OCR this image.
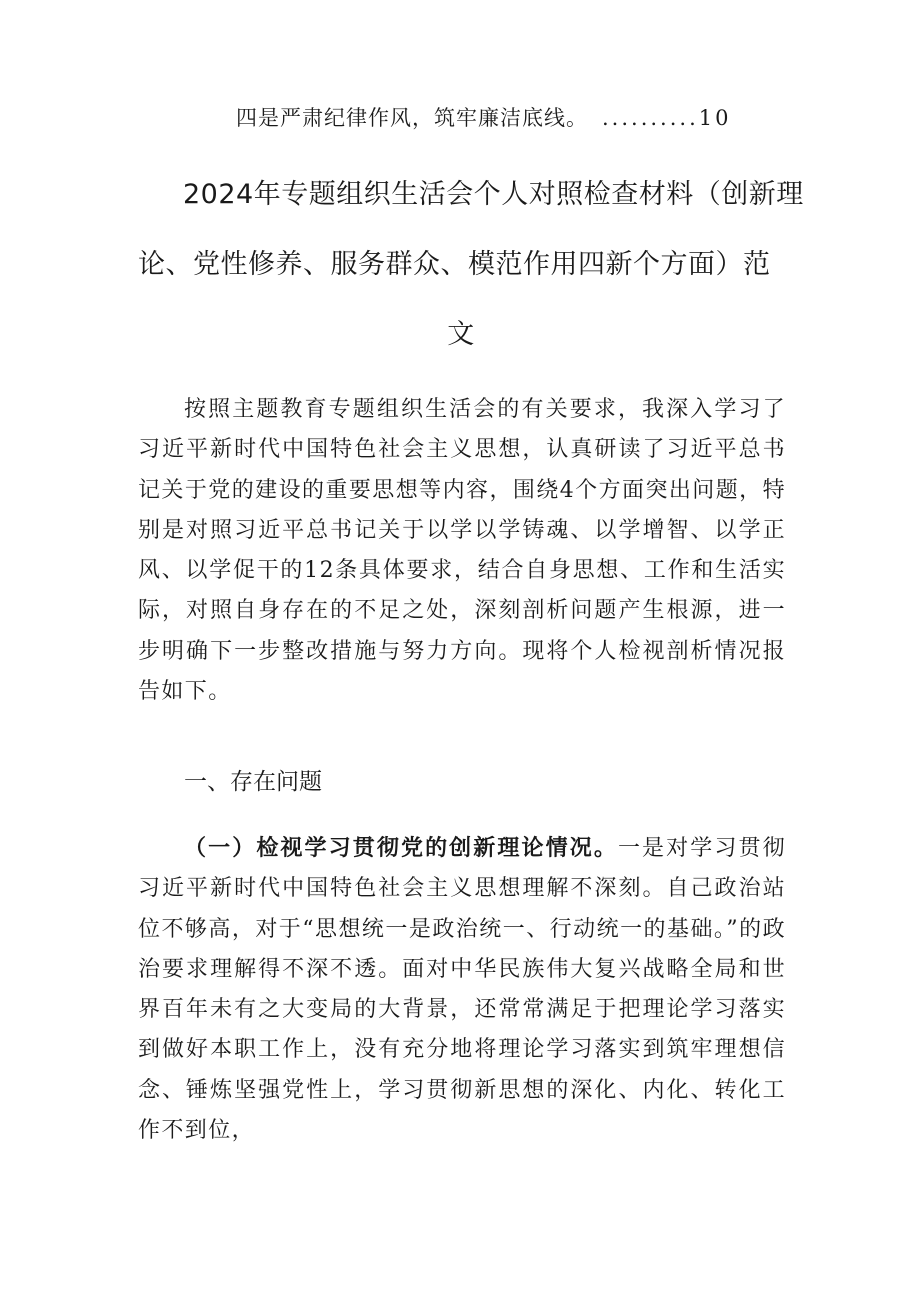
四是严肃纪律作风，筑牢廉洁底线。 ..........10
2024年专题组织生活会个人对照检查材料（创新理
论、党性修养、服务群众、模范作用四新个方面）范
文

按照主题教育专题组织生活会的有关要求，我深入学习了习近平新时代中国特色社会主义思想，认真研读了习近平总书记关于党的建设的重要思想等内容，围绕4个方面突出问题，特别是对照习近平总书记关于以学以学铸魂、以学增智、以学正风、以学促干的12条具体要求，结合自身思想、工作和生活实际，对照自身存在的不足之处，深刻剖析问题产生根源，进一步明确下一步整改措施与努力方向。现将个人检视剖析情况报告如下。

一、存在问题

（一）检视学习贯彻党的创新理论情况。一是对学习贯彻习近平新时代中国特色社会主义思想理解不深刻。自己政治站位不够高，对于“思想统一是政治统一、行动统一的基础。”的政治要求理解得不深不透。面对中华民族伟大复兴战略全局和世界百年未有之大变局的大背景，还常常满足于把理论学习落实到做好本职工作上，没有充分地将理论学习落实到筑牢理想信念、锤炼坚强党性上，学习贯彻新思想的深化、内化、转化工作不到位，
